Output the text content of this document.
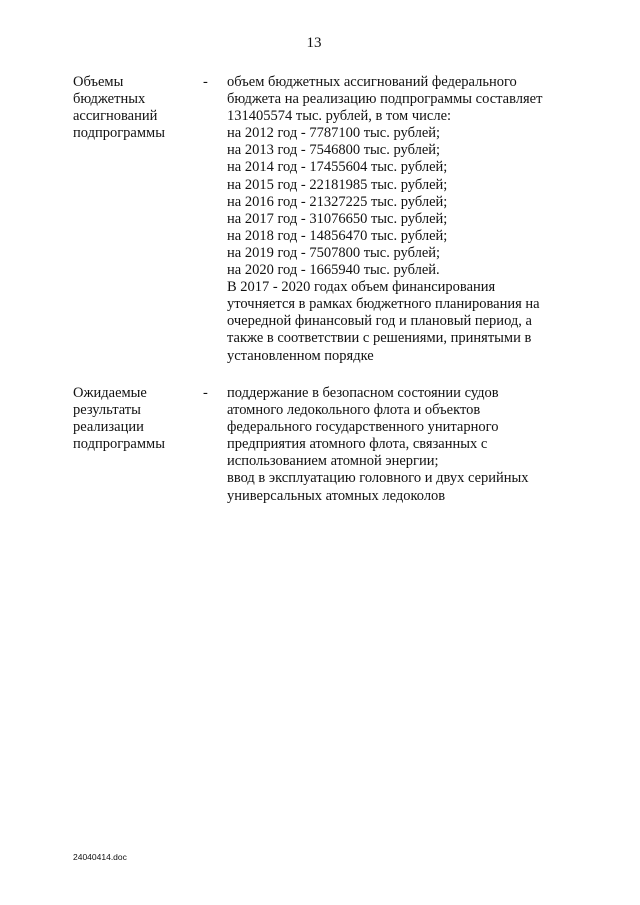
13
Объемы
бюджетных
ассигнований
подпрограммы
- объем бюджетных ассигнований федерального
бюджета на реализацию подпрограммы составляет
131405574 тыс. рублей, в том числе:
на 2012 год - 7787100 тыс. рублей;
на 2013 год - 7546800 тыс. рублей;
на 2014 год - 17455604 тыс. рублей;
на 2015 год - 22181985 тыс. рублей;
на 2016 год - 21327225 тыс. рублей;
на 2017 год - 31076650 тыс. рублей;
на 2018 год - 14856470 тыс. рублей;
на 2019 год - 7507800 тыс. рублей;
на 2020 год - 1665940 тыс. рублей.
В 2017 - 2020 годах объем финансирования
уточняется в рамках бюджетного планирования на
очередной финансовый год и плановый период, а
также в соответствии с решениями, принятыми в
установленном порядке
Ожидаемые
результаты
реализации
подпрограммы
- поддержание в безопасном состоянии судов
атомного ледокольного флота и объектов
федерального государственного унитарного
предприятия атомного флота, связанных с
использованием атомной энергии;
ввод в эксплуатацию головного и двух серийных
универсальных атомных ледоколов
24040414.doc
